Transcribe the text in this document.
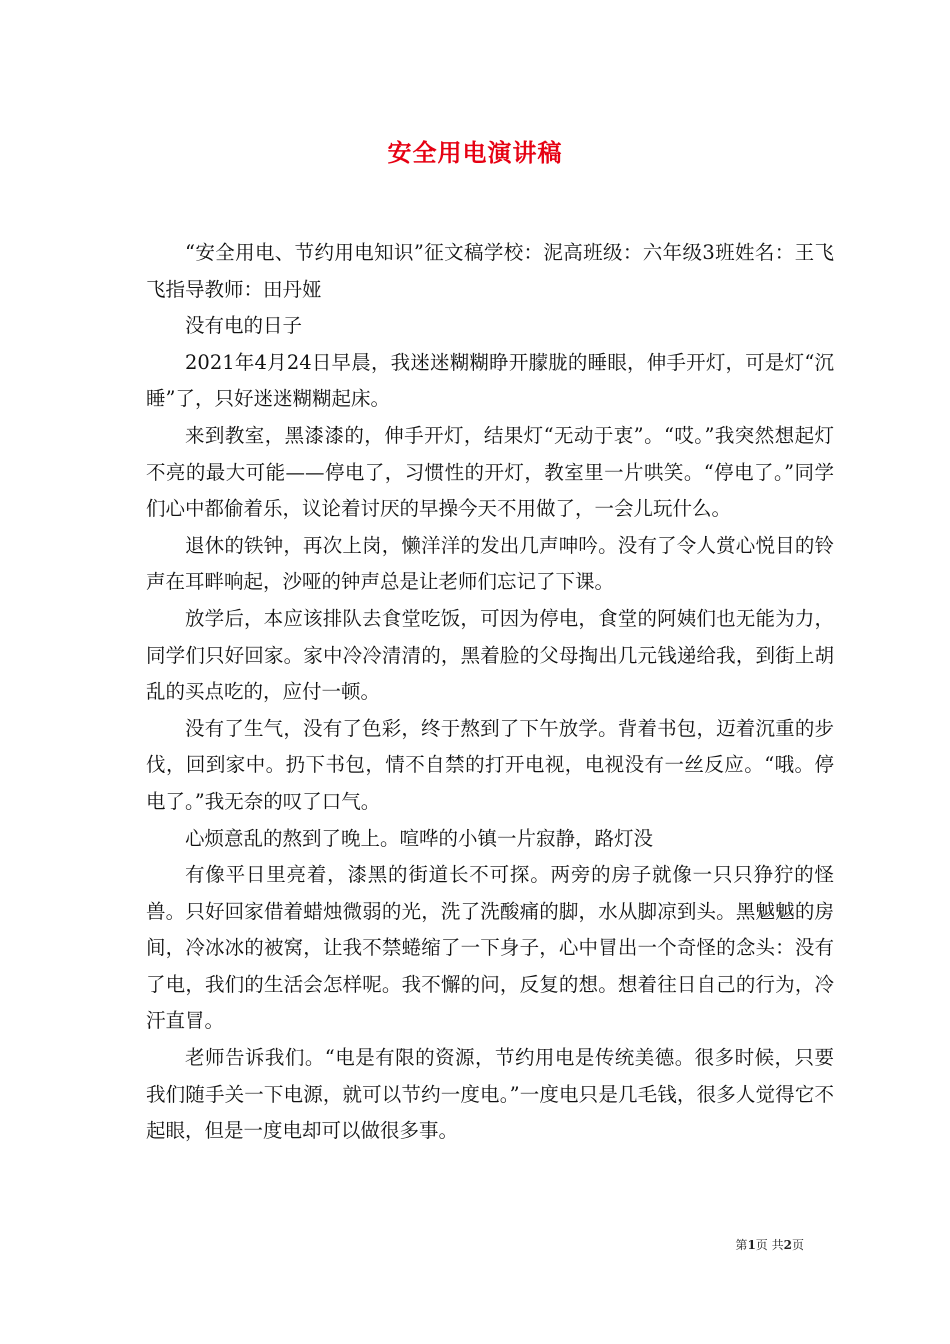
安全用电演讲稿

“安全用电、节约用电知识”征文稿学校：泥高班级：六年级3班姓名：王飞飞指导教师：田丹娅

没有电的日子

2021年4月24日早晨，我迷迷糊糊睁开朦胧的睡眼，伸手开灯，可是灯“沉睡”了，只好迷迷糊糊起床。

来到教室，黑漆漆的，伸手开灯，结果灯“无动于衷”。“哎。”我突然想起灯不亮的最大可能——停电了，习惯性的开灯，教室里一片哄笑。“停电了。”同学们心中都偷着乐，议论着讨厌的早操今天不用做了，一会儿玩什么。

退休的铁钟，再次上岗，懒洋洋的发出几声呻吟。没有了令人赏心悦目的铃声在耳畔响起，沙哑的钟声总是让老师们忘记了下课。

放学后，本应该排队去食堂吃饭，可因为停电，食堂的阿姨们也无能为力，同学们只好回家。家中冷冷清清的，黑着脸的父母掏出几元钱递给我，到街上胡乱的买点吃的，应付一顿。

没有了生气，没有了色彩，终于熬到了下午放学。背着书包，迈着沉重的步伐，回到家中。扔下书包，情不自禁的打开电视，电视没有一丝反应。“哦。停电了。”我无奈的叹了口气。

心烦意乱的熬到了晚上。喧哗的小镇一片寂静，路灯没

有像平日里亮着，漆黑的街道长不可探。两旁的房子就像一只只狰狞的怪兽。只好回家借着蜡烛微弱的光，洗了洗酸痛的脚，水从脚凉到头。黑魆魆的房间，冷冰冰的被窝，让我不禁蜷缩了一下身子，心中冒出一个奇怪的念头：没有了电，我们的生活会怎样呢。我不懈的问，反复的想。想着往日自己的行为，冷汗直冒。

老师告诉我们。“电是有限的资源，节约用电是传统美德。很多时候，只要我们随手关一下电源，就可以节约一度电。”一度电只是几毛钱，很多人觉得它不起眼，但是一度电却可以做很多事。

第1页 共2页
